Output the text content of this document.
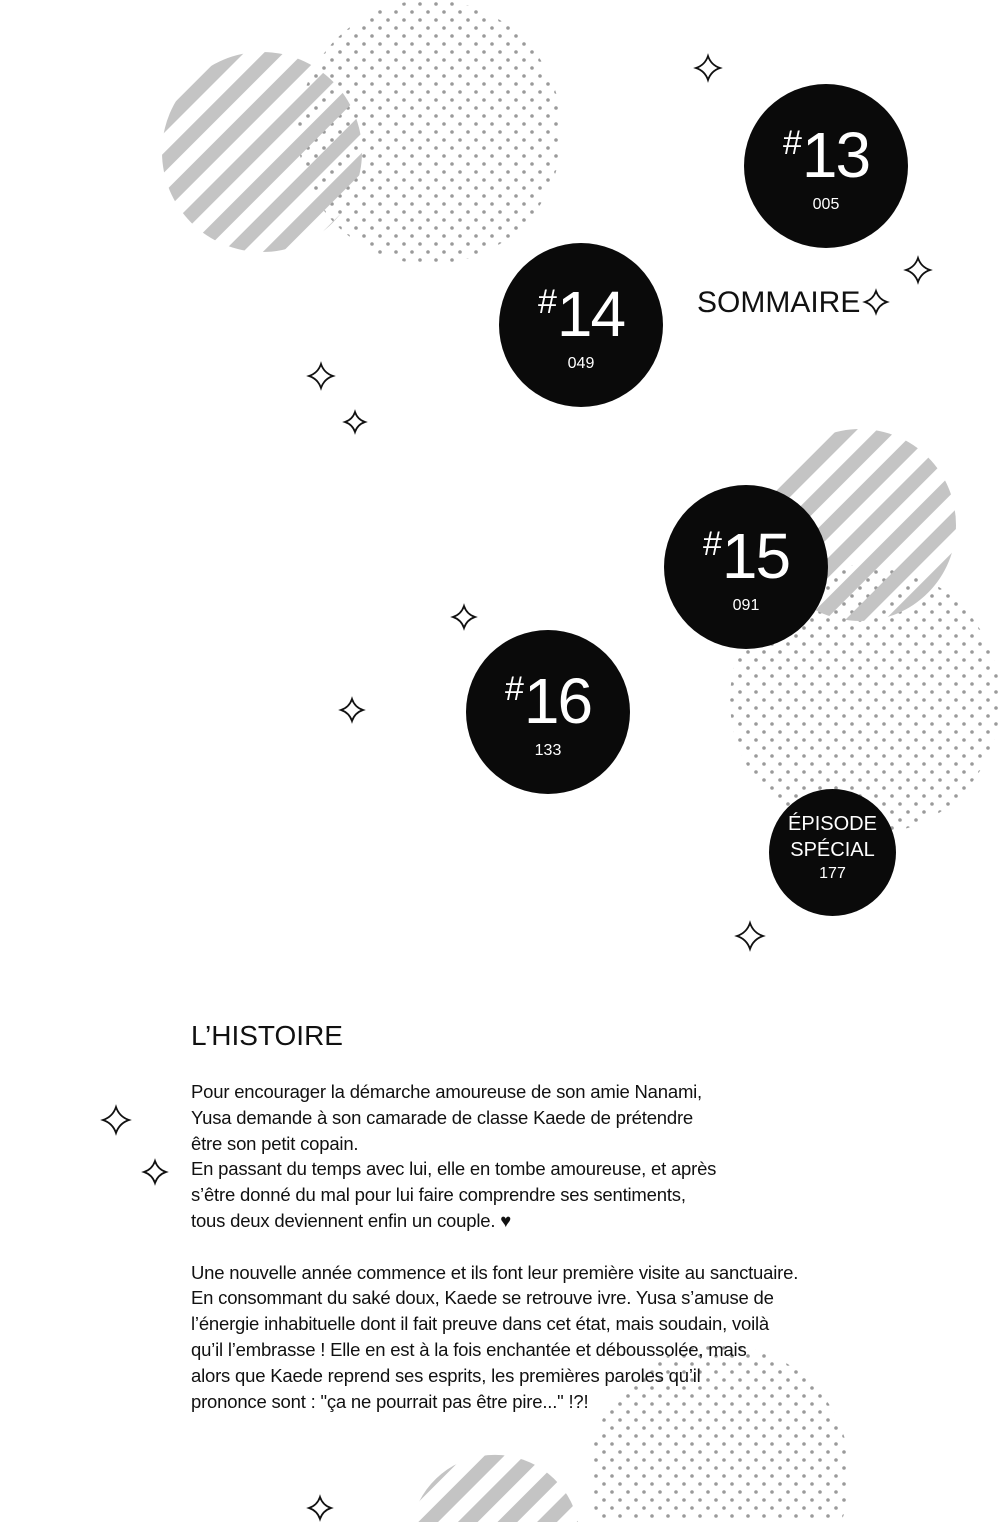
SOMMAIRE
#13
005
#14
049
#15
091
#16
133
ÉPISODE
SPÉCIAL
177
L’HISTOIRE

Pour encourager la démarche amoureuse de son amie Nanami,
Yusa demande à son camarade de classe Kaede de prétendre
être son petit copain.
En passant du temps avec lui, elle en tombe amoureuse, et après
s’être donné du mal pour lui faire comprendre ses sentiments,
tous deux deviennent enfin un couple. ♥

Une nouvelle année commence et ils font leur première visite au sanctuaire.
En consommant du saké doux, Kaede se retrouve ivre. Yusa s’amuse de
l’énergie inhabituelle dont il fait preuve dans cet état, mais soudain, voilà
qu’il l’embrasse ! Elle en est à la fois enchantée et déboussolée, mais
alors que Kaede reprend ses esprits, les premières paroles qu’il
prononce sont : "ça ne pourrait pas être pire..." !?!
